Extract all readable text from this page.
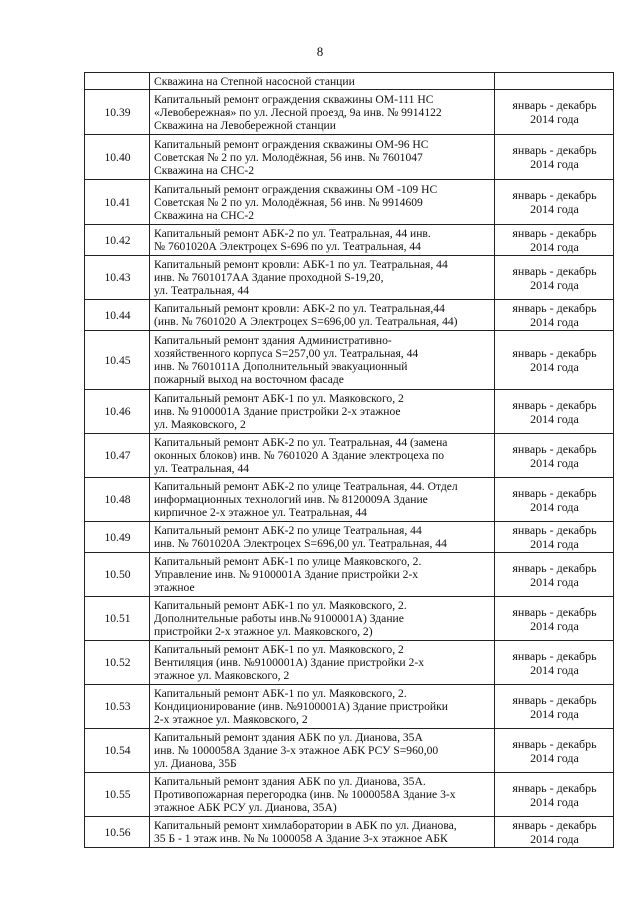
8
	Скважина на Степной насосной станции	
10.39	Капитальный ремонт ограждения скважины ОМ-111 НС
«Левобережная» по ул. Лесной проезд, 9а инв. № 9914122
Скважина на Левобережной станции	январь - декабрь
2014 года
10.40	Капитальный ремонт ограждения скважины ОМ-96 НС
Советская № 2 по ул. Молодёжная, 56 инв. № 7601047
Скважина на СНС-2	январь - декабрь
2014 года
10.41	Капитальный ремонт ограждения скважины ОМ -109 НС
Советская № 2 по ул. Молодёжная, 56 инв. № 9914609
Скважина на СНС-2	январь - декабрь
2014 года
10.42	Капитальный ремонт АБК-2 по ул. Театральная, 44 инв.
№ 7601020А Электроцех S-696 по ул. Театральная, 44	январь - декабрь
2014 года
10.43	Капитальный ремонт кровли: АБК-1 по ул. Театральная, 44
инв. № 7601017АА Здание проходной S-19,20,
ул. Театральная, 44	январь - декабрь
2014 года
10.44	Капитальный ремонт кровли: АБК-2 по ул. Театральная,44
(инв. № 7601020 А Электроцех S=696,00 ул. Театральная, 44)	январь - декабрь
2014 года
10.45	Капитальный ремонт здания Административно-
хозяйственного корпуса S=257,00 ул. Театральная, 44
инв. № 7601011А Дополнительный эвакуационный
пожарный выход на восточном фасаде	январь - декабрь
2014 года
10.46	Капитальный ремонт АБК-1 по ул. Маяковского, 2
инв. № 9100001А Здание пристройки 2-х этажное
ул. Маяковского, 2	январь - декабрь
2014 года
10.47	Капитальный ремонт АБК-2 по ул. Театральная, 44 (замена
оконных блоков) инв. № 7601020 А Здание электроцеха по
ул. Театральная, 44	январь - декабрь
2014 года
10.48	Капитальный ремонт АБК-2 по улице Театральная, 44. Отдел
информационных технологий инв. № 8120009А Здание
кирпичное 2-х этажное ул. Театральная, 44	январь - декабрь
2014 года
10.49	Капитальный ремонт АБК-2 по улице Театральная, 44
инв. № 7601020А Электроцех S=696,00 ул. Театральная, 44	январь - декабрь
2014 года
10.50	Капитальный ремонт АБК-1 по улице Маяковского, 2.
Управление инв. № 9100001А Здание пристройки 2-х
этажное	январь - декабрь
2014 года
10.51	Капитальный ремонт АБК-1 по ул. Маяковского, 2.
Дополнительные работы инв.№ 9100001А) Здание
пристройки 2-х этажное ул. Маяковского, 2)	январь - декабрь
2014 года
10.52	Капитальный ремонт АБК-1 по ул. Маяковского, 2
Вентиляция (инв. №9100001А) Здание пристройки 2-х
этажное ул. Маяковского, 2	январь - декабрь
2014 года
10.53	Капитальный ремонт АБК-1 по ул. Маяковского, 2.
Кондиционирование (инв. №9100001А) Здание пристройки
2-х этажное ул. Маяковского, 2	январь - декабрь
2014 года
10.54	Капитальный ремонт здания АБК по ул. Дианова, 35А
инв. № 1000058А Здание 3-х этажное АБК РСУ S=960,00
ул. Дианова, 35Б	январь - декабрь
2014 года
10.55	Капитальный ремонт здания АБК по ул. Дианова, 35А.
Противопожарная перегородка (инв. № 1000058А Здание 3-х
этажное АБК РСУ ул. Дианова, 35А)	январь - декабрь
2014 года
10.56	Капитальный ремонт химлаборатории в АБК по ул. Дианова,
35 Б - 1 этаж инв. № № 1000058 А Здание 3-х этажное АБК	январь - декабрь
2014 года
